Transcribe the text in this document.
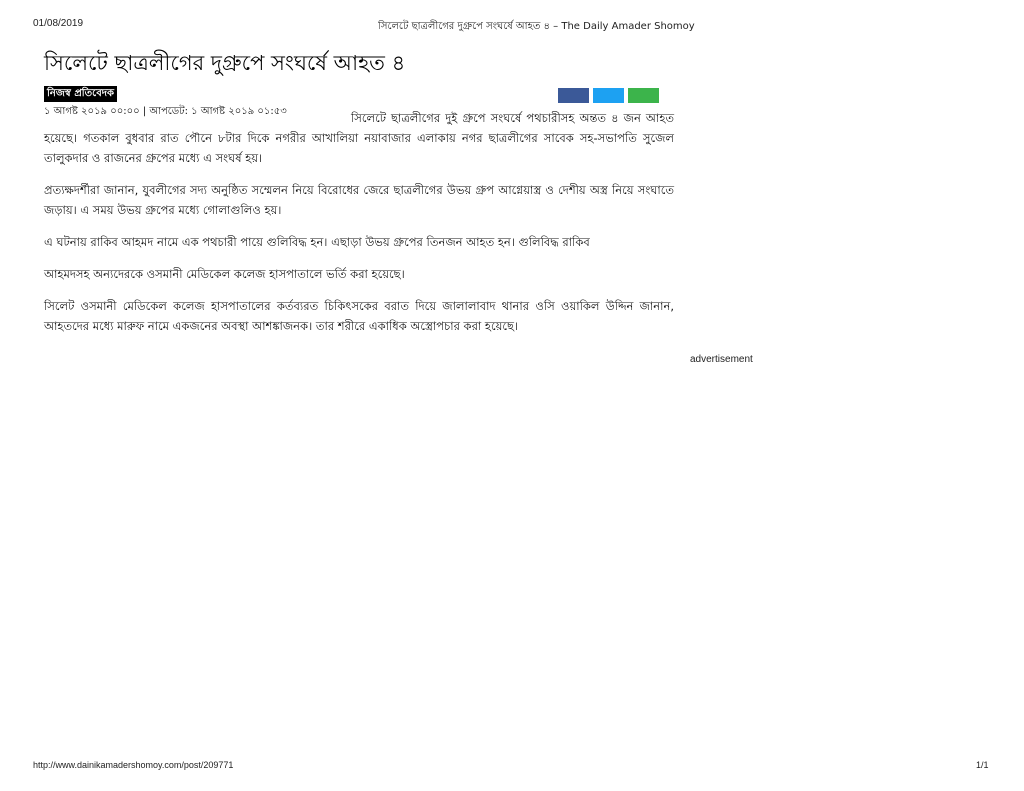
01/08/2019	সিলেটে ছাত্রলীগের দুগ্রুপে সংঘর্ষে আহত ৪ – The Daily Amader Shomoy
সিলেটে ছাত্রলীগের দুগ্রুপে সংঘর্ষে আহত ৪
নিজস্ব প্রতিবেদক
১ আগষ্ট ২০১৯ ০০:০০ | আপডেট: ১ আগষ্ট ২০১৯ ০১:৫৩	সিলেটে ছাত্রলীগের দুই গ্রুপে সংঘর্ষে পথচারীসহ অন্তত ৪ জন আহত হয়েছে। গতকাল বুধবার রাত পৌনে ৮টার দিকে নগরীর আখালিয়া নয়াবাজার এলাকায় নগর ছাত্রলীগের সাবেক সহ-সভাপতি সুজেল তালুকদার ও রাজনের গ্রুপের মধ্যে এ সংঘর্ষ হয়।

প্রত্যক্ষদর্শীরা জানান, যুবলীগের সদ্য অনুষ্ঠিত সম্মেলন নিয়ে বিরোধের জেরে ছাত্রলীগের উভয় গ্রুপ আগ্নেয়াস্ত্র ও দেশীয় অস্ত্র নিয়ে সংঘাতে জড়ায়। এ সময় উভয় গ্রুপের মধ্যে গোলাগুলিও হয়।

এ ঘটনায় রাকিব আহমদ নামে এক পথচারী পায়ে গুলিবিদ্ধ হন। এছাড়া উভয় গ্রুপের তিনজন আহত হন। গুলিবিদ্ধ রাকিব

আহমদসহ অন্যদেরকে ওসমানী মেডিকেল কলেজ হাসপাতালে ভর্তি করা হয়েছে।

সিলেট ওসমানী মেডিকেল কলেজ হাসপাতালের কর্তব্যরত চিকিৎসকের বরাত দিয়ে জালালাবাদ থানার ওসি ওয়াকিল উদ্দিন জানান, আহতদের মধ্যে মারুফ নামে একজনের অবস্থা আশঙ্কাজনক। তার শরীরে একাধিক অস্ত্রোপচার করা হয়েছে।

advertisement
http://www.dainikamadershomoy.com/post/209771	1/1
